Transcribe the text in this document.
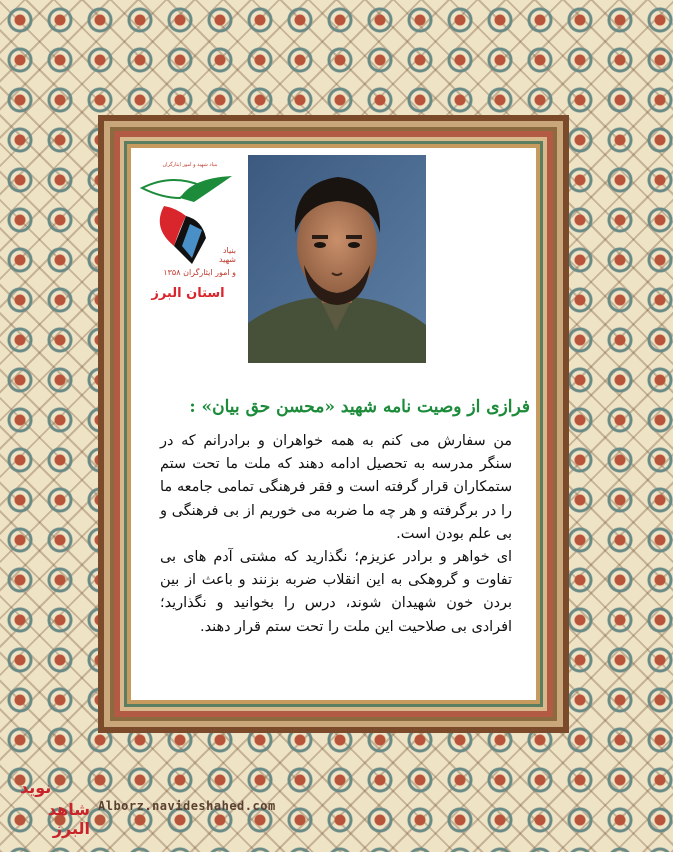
بنیاد شهید و امور ایثارگران
بنیاد
شهید
و امور ایثارگران ۱۳۵۸
استان البرز
فرازی از وصیت نامه شهید «محسن حق بیان» :

من سفارش می کنم به همه خواهران و برادرانم که در سنگر مدرسه به تحصیل ادامه دهند که ملت ما تحت ستم ستمکاران قرار گرفته است و فقر فرهنگی تمامی جامعه ما را در برگرفته و هر چه ما ضربه می خوریم از بی فرهنگی و بی علم بودن است.

ای خواهر و برادر عزیزم؛ نگذارید که مشتی آدم های بی تفاوت و گروهکی به این انقلاب ضربه بزنند و باعث از بین بردن خون شهیدان شوند، درس را بخوانید و نگذارید؛ افرادی بی صلاحیت این ملت را تحت ستم قرار دهند.

نوید
شاهد البرز
Alborz.navideshahed.com
